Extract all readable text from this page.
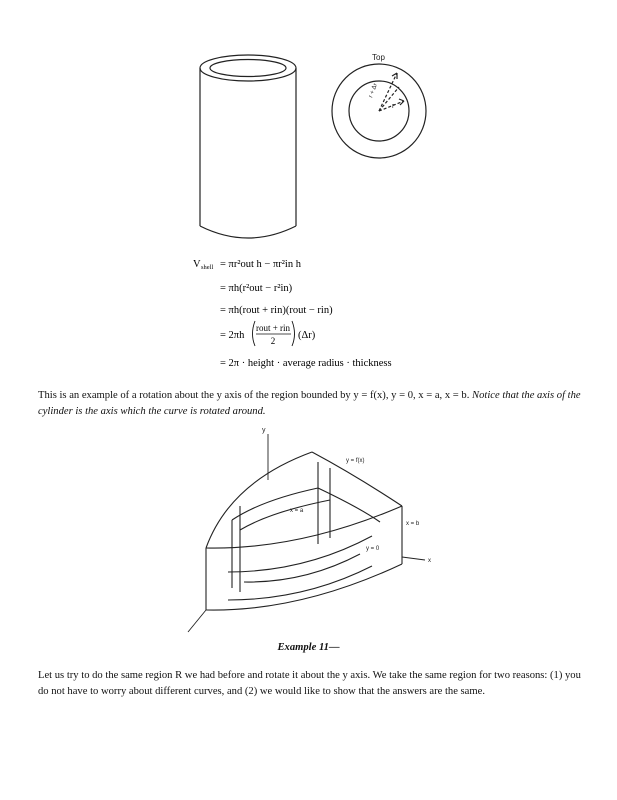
Top
r + Δr
r
V shell = πr²out h − πr²in h
= πh(r²out − r²in)
= πh(rout + rin)(rout − rin)
= 2πh
rout + rin
2 (Δr)
= 2π · height · average radius · thickness
This is an example of a rotation about the y axis of the region bounded by y = f(x), y = 0, x = a, x = b. Notice that the axis of the cylinder is the axis which the curve is rotated around.
y
y = f(x)
x = a
x = b
y = 0
x
Example 11—
Let us try to do the same region R we had before and rotate it about the y axis. We take the same region for two reasons: (1) you do not have to worry about different curves, and (2) we would like to show that the answers are the same.
